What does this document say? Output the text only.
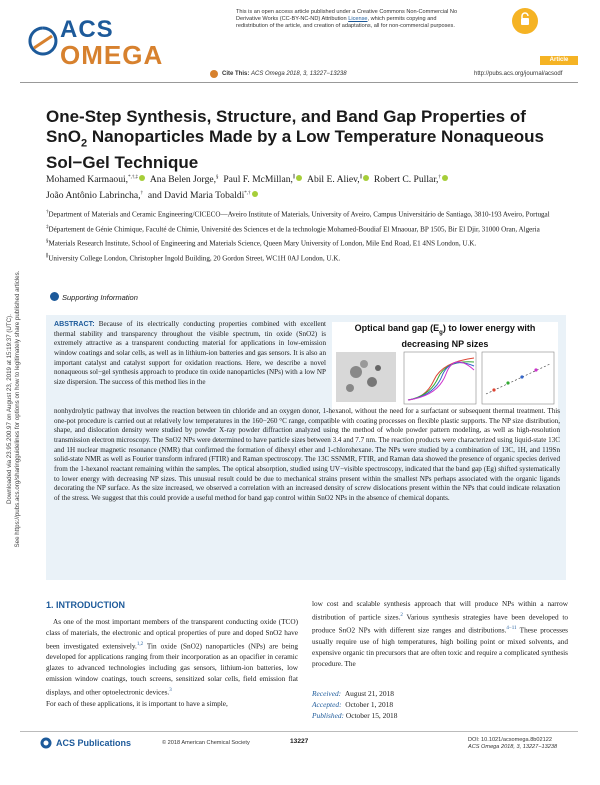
ACS
OMEGA
This is an open access article published under a Creative Commons Non-Commercial No
Derivative Works (CC-BY-NC-ND) Attribution License, which permits copying and
redistribution of the article, and creation of adaptations, all for non-commercial purposes.
Article
Cite This: ACS Omega 2018, 3, 13227−13238	http://pubs.acs.org/journal/acsodf
One-Step Synthesis, Structure, and Band Gap Properties of SnO$_2$ Nanoparticles Made by a Low Temperature Nonaqueous Sol−Gel Technique
Mohamed Karmaoui,*,†,‡ Ana Belen Jorge,§ Paul F. McMillan,∥ Abil E. Aliev,∥ Robert C. Pullar,†
João Antônio Labrincha,† and David Maria Tobaldi*,†
†Department of Materials and Ceramic Engineering/CICECO—Aveiro Institute of Materials, University of Aveiro, Campus Universitário de Santiago, 3810-193 Aveiro, Portugal
‡Département de Génie Chimique, Faculté de Chimie, Université des Sciences et de la technologie Mohamed-Boudiaf El Mnaouar, BP 1505, Bir El Djir, 31000 Oran, Algeria
§Materials Research Institute, School of Engineering and Materials Science, Queen Mary University of London, Mile End Road, E1 4NS London, U.K.
∥University College London, Christopher Ingold Building, 20 Gordon Street, WC1H 0AJ London, U.K.
Supporting Information
ABSTRACT: Because of its electrically conducting properties combined with excellent thermal stability and transparency throughout the visible spectrum, tin oxide (SnO2) is extremely attractive as a transparent conducting material for applications in low-emission window coatings and solar cells, as well as in lithium-ion batteries and gas sensors. It is also an important catalyst and catalyst support for oxidation reactions. Here, we describe a novel nonaqueous sol−gel synthesis approach to produce tin oxide nanoparticles (NPs) with a low NP size dispersion. The success of this method lies in the
Optical band gap $(E_g)$ to lower energy with
decreasing NP sizes

nonhydrolytic pathway that involves the reaction between tin chloride and an oxygen donor, 1-hexanol, without the need for a surfactant or subsequent thermal treatment. This one-pot procedure is carried out at relatively low temperatures in the 160−260 °C range, compatible with coating processes on flexible plastic supports. The NP size distribution, shape, and dislocation density were studied by powder X-ray powder diffraction analyzed using the method of whole powder pattern modeling, as well as high-resolution transmission electron microscopy. The SnO2 NPs were determined to have particle sizes between 3.4 and 7.7 nm. The reaction products were characterized using liquid-state 13C and 1H nuclear magnetic resonance (NMR) that confirmed the formation of dihexyl ether and 1-chlorohexane. The NPs were studied by a combination of 13C, 1H, and 119Sn solid-state NMR as well as Fourier transform infrared (FTIR) and Raman spectroscopy. The 13C SSNMR, FTIR, and Raman data showed the presence of organic species derived from the 1-hexanol reactant remaining within the samples. The optical absorption, studied using UV−visible spectroscopy, indicated that the band gap (Eg) shifted systematically to lower energy with decreasing NP sizes. This unusual result could be due to mechanical strains present within the smallest NPs perhaps associated with the organic ligands decorating the NP surface. As the size increased, we observed a correlation with an increased density of screw dislocations present within the NPs that could indicate relaxation of the stress. We suggest that this could provide a useful method for band gap control within SnO2 NPs in the absence of chemical dopants.

1. INTRODUCTION

As one of the most important members of the transparent conducting oxide (TCO) class of materials, the electronic and optical properties of pure and doped SnO2 have been investigated extensively.$^{1,2}$ Tin oxide (SnO2) nanoparticles (NPs) are being developed for applications ranging from their incorporation as an opacifier in ceramic glazes to advanced technologies including gas sensors, lithium-ion batteries, low emission window coatings, touch screens, sensitized solar cells, field emission flat displays, and other optoelectronic devices.$^3$

For each of these applications, it is important to have a simple,

low cost and scalable synthesis approach that will produce NPs within a narrow distribution of particle sizes.$^2$ Various synthesis strategies have been developed to produce SnO2 NPs with different size ranges and distributions.$^{4-11}$ These processes usually require use of high temperatures, high boiling point or mixed solvents, and expensive organic tin precursors that are often toxic and require a complicated synthesis procedure. The

Received: August 21, 2018
Accepted: October 1, 2018
Published: October 15, 2018
ACS Publications	© 2018 American Chemical Society	13227	DOI: 10.1021/acsomega.8b02122
ACS Omega 2018, 3, 13227−13238
Downloaded via 23.95.200.97 on August 23, 2019 at 15:19:37 (UTC). See https://pubs.acs.org/sharingguidelines for options on how to legitimately share published articles.
